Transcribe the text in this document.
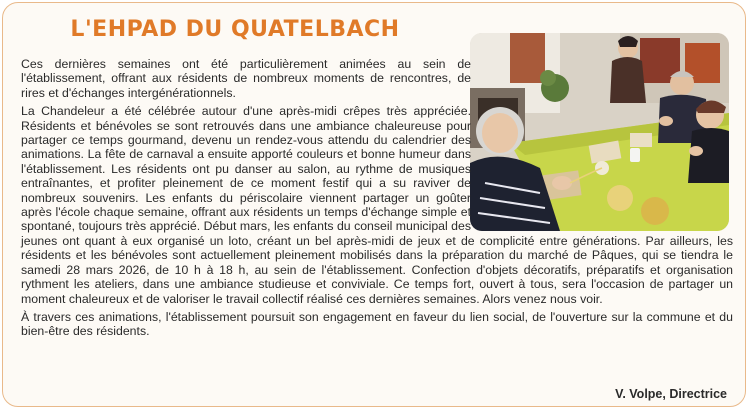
L'EHPAD DU QUATELBACH

Ces dernières semaines ont été particulièrement animées au sein de l'établissement, offrant aux résidents de nombreux moments de rencontres, de rires et d'échanges intergénérationnels.

La Chandeleur a été célébrée autour d'une après-midi crêpes très appréciée. Résidents et bénévoles se sont retrouvés dans une ambiance chaleureuse pour partager ce temps gourmand, devenu un rendez-vous attendu du calendrier des animations. La fête de carnaval a ensuite apporté couleurs et bonne humeur dans l'établissement. Les résidents ont pu danser au salon, au rythme de musiques entraînantes, et profiter pleinement de ce moment festif qui a su raviver de nombreux souvenirs. Les enfants du périscolaire viennent partager un goûter après l'école chaque semaine, offrant aux résidents un temps d'échange simple et spontané, toujours très apprécié. Début mars, les enfants du conseil municipal des jeunes ont quant à eux organisé un loto, créant un bel après-midi de jeux et de complicité entre générations. Par ailleurs, les résidents et les bénévoles sont actuellement pleinement mobilisés dans la préparation du marché de Pâques, qui se tiendra le samedi 28 mars 2026, de 10 h à 18 h, au sein de l'établissement. Confection d'objets décoratifs, préparatifs et organisation rythment les ateliers, dans une ambiance studieuse et conviviale. Ce temps fort, ouvert à tous, sera l'occasion de partager un moment chaleureux et de valoriser le travail collectif réalisé ces dernières semaines. Alors venez nous voir.

À travers ces animations, l'établissement poursuit son engagement en faveur du lien social, de l'ouverture sur la commune et du bien-être des résidents.

V. Volpe, Directrice
